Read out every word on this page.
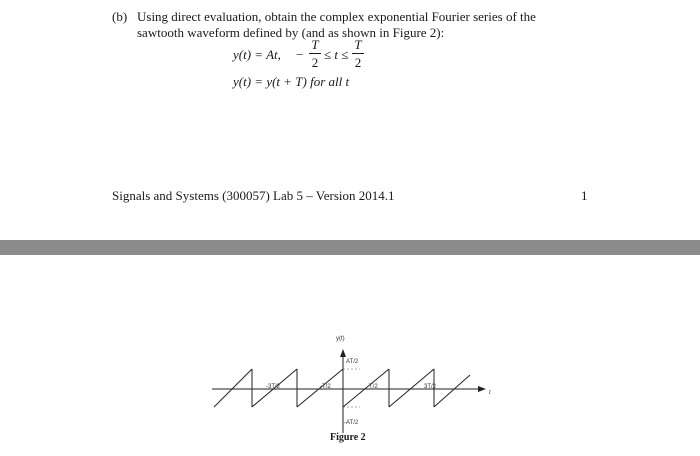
(b) Using direct evaluation, obtain the complex exponential Fourier series of the
sawtooth waveform defined by (and as shown in Figure 2):
y(t) = At, −
T
2
≤ t ≤
T
2
y(t) = y(t + T) for all t
Signals and Systems (300057) Lab 5 – Version 2014.1	1
y(t)
AT/2
-3T/2	-T/2	T/2	3T/2
t
-AT/2
Figure 2
